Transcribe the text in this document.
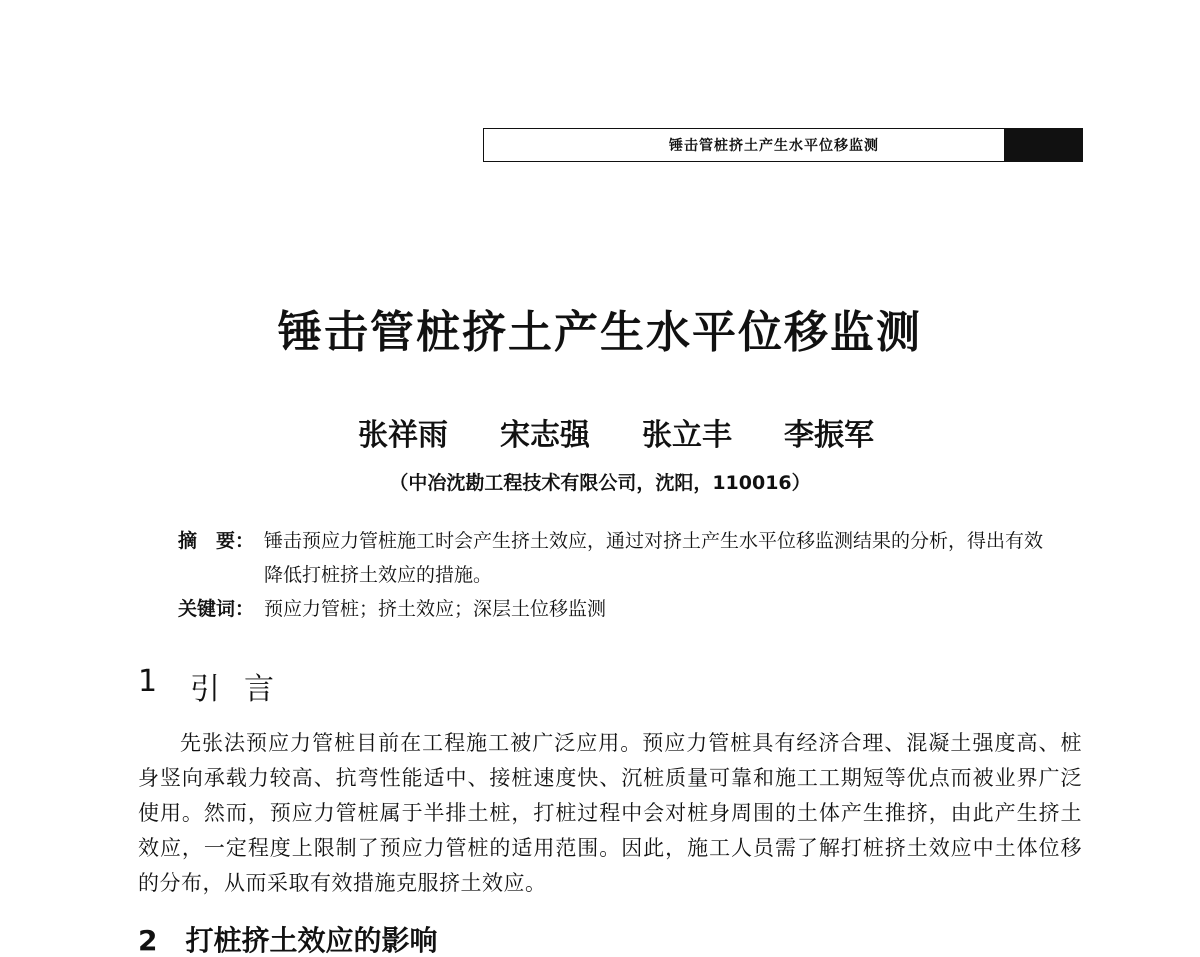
锤击管桩挤土产生水平位移监测
锤击管桩挤土产生水平位移监测
张祥雨 宋志强 张立丰 李振军
（中冶沈勘工程技术有限公司，沈阳，110016）
摘　要： 锤击预应力管桩施工时会产生挤土效应，通过对挤土产生水平位移监测结果的分析，得出有效降低打桩挤土效应的措施。
关键词： 预应力管桩；挤土效应；深层土位移监测
1	引言

先张法预应力管桩目前在工程施工被广泛应用。预应力管桩具有经济合理、混凝土强度高、桩身竖向承载力较高、抗弯性能适中、接桩速度快、沉桩质量可靠和施工工期短等优点而被业界广泛使用。然而，预应力管桩属于半排土桩，打桩过程中会对桩身周围的土体产生推挤，由此产生挤土效应，一定程度上限制了预应力管桩的适用范围。因此，施工人员需了解打桩挤土效应中土体位移的分布，从而采取有效措施克服挤土效应。

2　打桩挤土效应的影响
